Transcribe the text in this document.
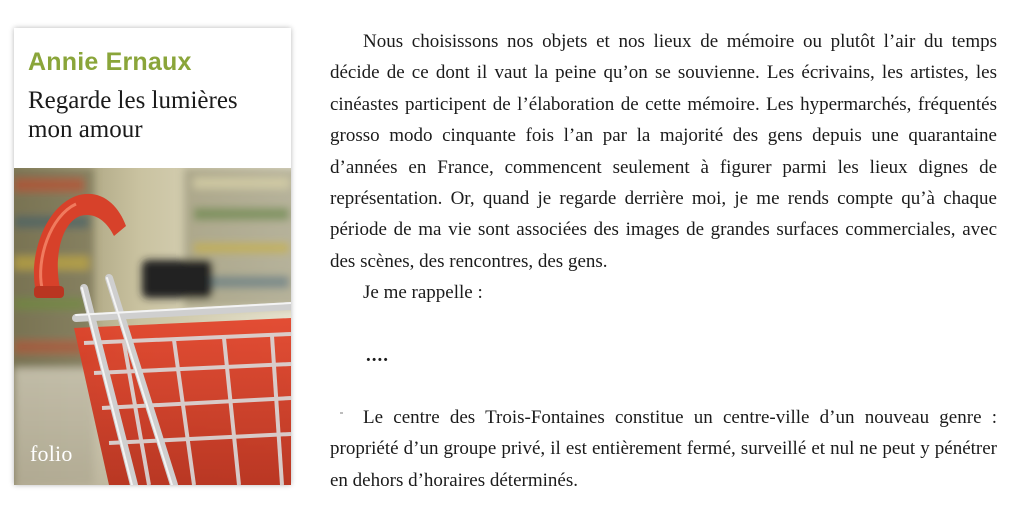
Annie Ernaux
Regarde les lumières mon amour
folio

Nous choisissons nos objets et nos lieux de mémoire ou plutôt l’air du temps décide de ce dont il vaut la peine qu’on se souvienne. Les écrivains, les artistes, les cinéastes participent de l’élaboration de cette mémoire. Les hypermarchés, fréquentés grosso modo cinquante fois l’an par la majorité des gens depuis une quarantaine d’années en France, commencent seulement à figurer parmi les lieux dignes de représentation. Or, quand je regarde derrière moi, je me rends compte qu’à chaque période de ma vie sont associées des images de grandes surfaces commerciales, avec des scènes, des rencontres, des gens.

Je me rappelle :

....

Le centre des Trois-Fontaines constitue un centre-ville d’un nouveau genre : propriété d’un groupe privé, il est entièrement fermé, surveillé et nul ne peut y pénétrer en dehors d’horaires déterminés.
